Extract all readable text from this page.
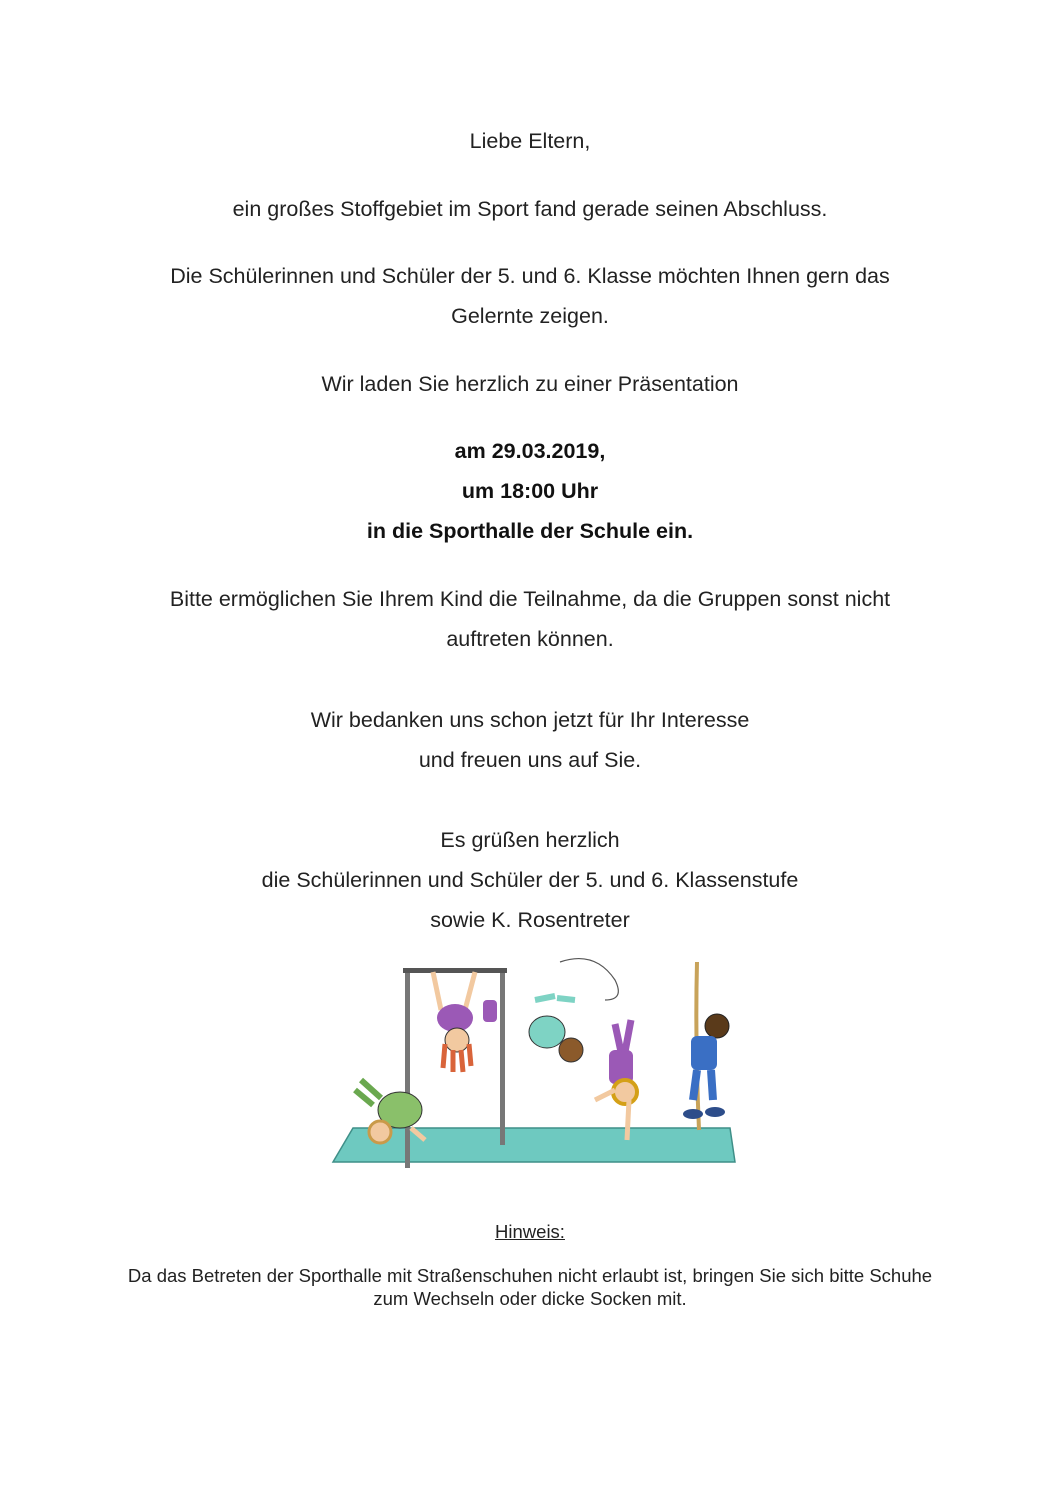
Liebe Eltern,
ein großes Stoffgebiet im Sport fand gerade seinen Abschluss.
Die Schülerinnen und Schüler der 5. und 6. Klasse möchten Ihnen gern das
Gelernte zeigen.
Wir laden Sie herzlich zu einer Präsentation
am 29.03.2019,
um 18:00 Uhr
in die Sporthalle der Schule ein.
Bitte ermöglichen Sie Ihrem Kind die Teilnahme, da die Gruppen sonst nicht
auftreten können.
Wir bedanken uns schon jetzt für Ihr Interesse
und freuen uns auf Sie.
Es grüßen herzlich
die Schülerinnen und Schüler der 5. und 6. Klassenstufe
sowie K. Rosentreter
Hinweis:
Da das Betreten der Sporthalle mit Straßenschuhen nicht erlaubt ist, bringen Sie sich bitte Schuhe
zum Wechseln oder dicke Socken mit.
